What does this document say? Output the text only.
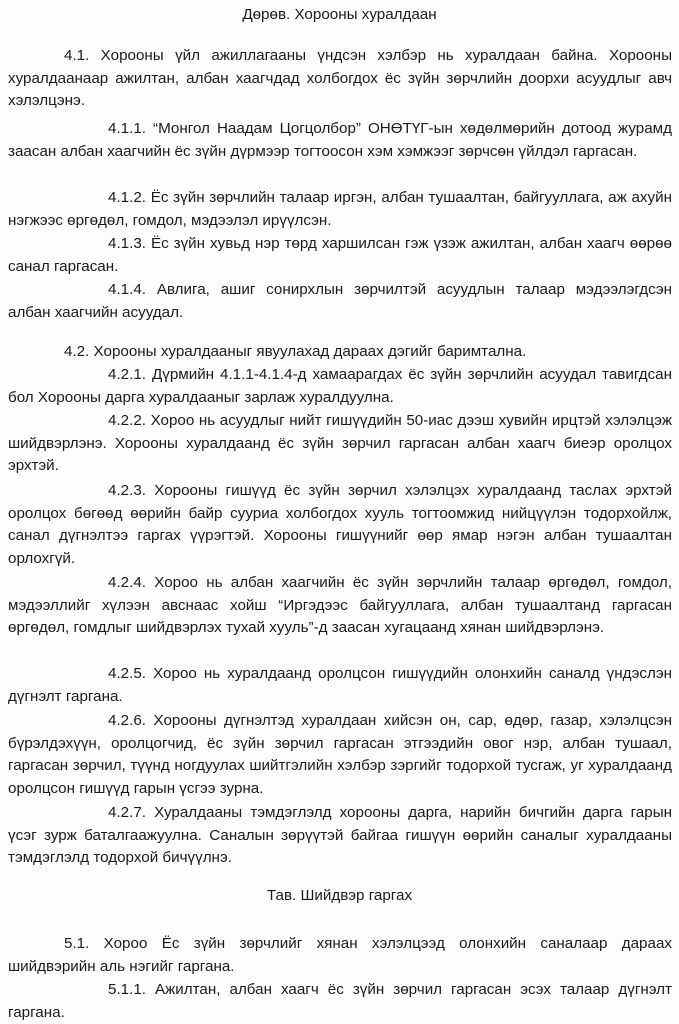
Дөрөв. Хорооны хуралдаан

4.1. Хорооны үйл ажиллагааны үндсэн хэлбэр нь хуралдаан байна. Хорооны хуралдаанаар ажилтан, албан хаагчдад холбогдох ёс зүйн зөрчлийн доорхи асуудлыг авч хэлэлцэнэ.

4.1.1. “Монгол Наадам Цогцолбор” ОНӨТҮГ-ын хөдөлмөрийн дотоод журамд заасан албан хаагчийн ёс зүйн дүрмээр тогтоосон хэм хэмжээг зөрчсөн үйлдэл гаргасан.

4.1.2. Ёс зүйн зөрчлийн талаар иргэн, албан тушаалтан, байгууллага, аж ахуйн нэгжээс өргөдөл, гомдол, мэдээлэл ирүүлсэн.

4.1.3. Ёс зүйн хувьд нэр төрд харшилсан гэж үзэж ажилтан, албан хаагч өөрөө санал гаргасан.

4.1.4. Авлига, ашиг сонирхлын зөрчилтэй асуудлын талаар мэдээлэгдсэн албан хаагчийн асуудал.

4.2. Хорооны хуралдааныг явуулахад дараах дэгийг баримтална.

4.2.1. Дүрмийн 4.1.1-4.1.4-д хамаарагдах ёс зүйн зөрчлийн асуудал тавигдсан бол Хорооны дарга хуралдааныг зарлаж хуралдуулна.

4.2.2. Хороо нь асуудлыг нийт гишүүдийн 50-иас дээш хувийн ирцтэй хэлэлцэж шийдвэрлэнэ. Хорооны хуралдаанд ёс зүйн зөрчил гаргасан албан хаагч биеэр оролцох эрхтэй.

4.2.3. Хорооны гишүүд ёс зүйн зөрчил хэлэлцэх хуралдаанд таслах эрхтэй оролцох бөгөөд өөрийн байр сууриа холбогдох хууль тогтоомжид нийцүүлэн тодорхойлж, санал дүгнэлтээ гаргах үүрэгтэй. Хорооны гишүүнийг өөр ямар нэгэн албан тушаалтан орлохгүй.

4.2.4. Хороо нь албан хаагчийн ёс зүйн зөрчлийн талаар өргөдөл, гомдол, мэдээллийг хүлээн авснаас хойш “Иргэдээс байгууллага, албан тушаалтанд гаргасан өргөдөл, гомдлыг шийдвэрлэх тухай хууль”-д заасан хугацаанд хянан шийдвэрлэнэ.

4.2.5. Хороо нь хуралдаанд оролцсон гишүүдийн олонхийн саналд үндэслэн дүгнэлт гаргана.

4.2.6. Хорооны дүгнэлтэд хуралдаан хийсэн он, сар, өдөр, газар, хэлэлцсэн бүрэлдэхүүн, оролцогчид, ёс зүйн зөрчил гаргасан этгээдийн овог нэр, албан тушаал, гаргасан зөрчил, түүнд ногдуулах шийтгэлийн хэлбэр зэргийг тодорхой тусгаж, уг хуралдаанд оролцсон гишүүд гарын үсгээ зурна.

4.2.7. Хуралдааны тэмдэглэлд хорооны дарга, нарийн бичгийн дарга гарын үсэг зурж баталгаажуулна. Саналын зөрүүтэй байгаа гишүүн өөрийн саналыг хуралдааны тэмдэглэлд тодорхой бичүүлнэ.

Тав. Шийдвэр гаргах

5.1. Хороо Ёс зүйн зөрчлийг хянан хэлэлцээд олонхийн саналаар дараах шийдвэрийн аль нэгийг гаргана.

5.1.1. Ажилтан, албан хаагч ёс зүйн зөрчил гаргасан эсэх талаар дүгнэлт гаргана.
